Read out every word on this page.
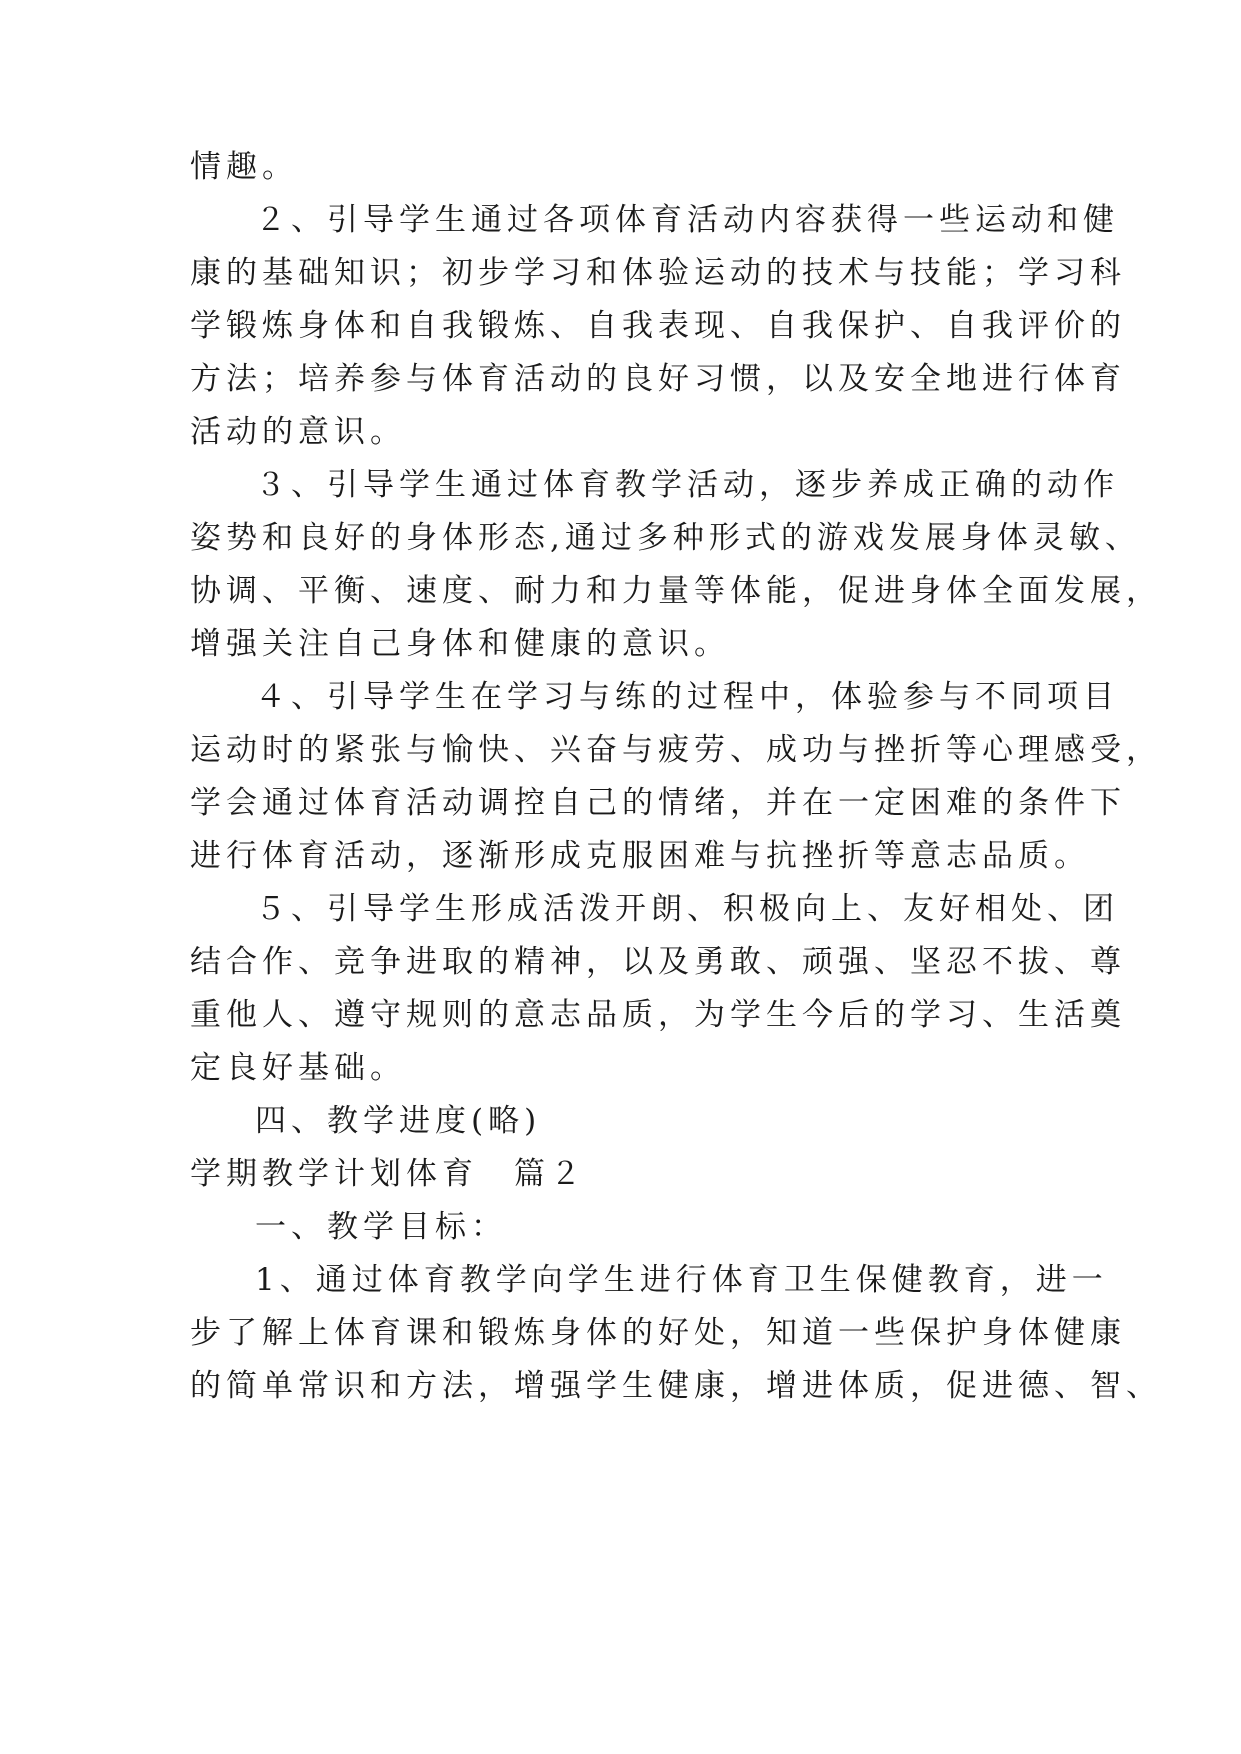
情趣。
２、引导学生通过各项体育活动内容获得一些运动和健
康的基础知识；初步学习和体验运动的技术与技能；学习科
学锻炼身体和自我锻炼、自我表现、自我保护、自我评价的
方法；培养参与体育活动的良好习惯，以及安全地进行体育
活动的意识。
３、引导学生通过体育教学活动，逐步养成正确的动作
姿势和良好的身体形态,通过多种形式的游戏发展身体灵敏、
协调、平衡、速度、耐力和力量等体能，促进身体全面发展，
增强关注自己身体和健康的意识。
４、引导学生在学习与练的过程中，体验参与不同项目
运动时的紧张与愉快、兴奋与疲劳、成功与挫折等心理感受，
学会通过体育活动调控自己的情绪，并在一定困难的条件下
进行体育活动，逐渐形成克服困难与抗挫折等意志品质。
５、引导学生形成活泼开朗、积极向上、友好相处、团
结合作、竞争进取的精神，以及勇敢、顽强、坚忍不拔、尊
重他人、遵守规则的意志品质，为学生今后的学习、生活奠
定良好基础。
四、教学进度(略)
学期教学计划体育　篇２
一、教学目标：
1、通过体育教学向学生进行体育卫生保健教育，进一
步了解上体育课和锻炼身体的好处，知道一些保护身体健康
的简单常识和方法，增强学生健康，增进体质，促进德、智、
